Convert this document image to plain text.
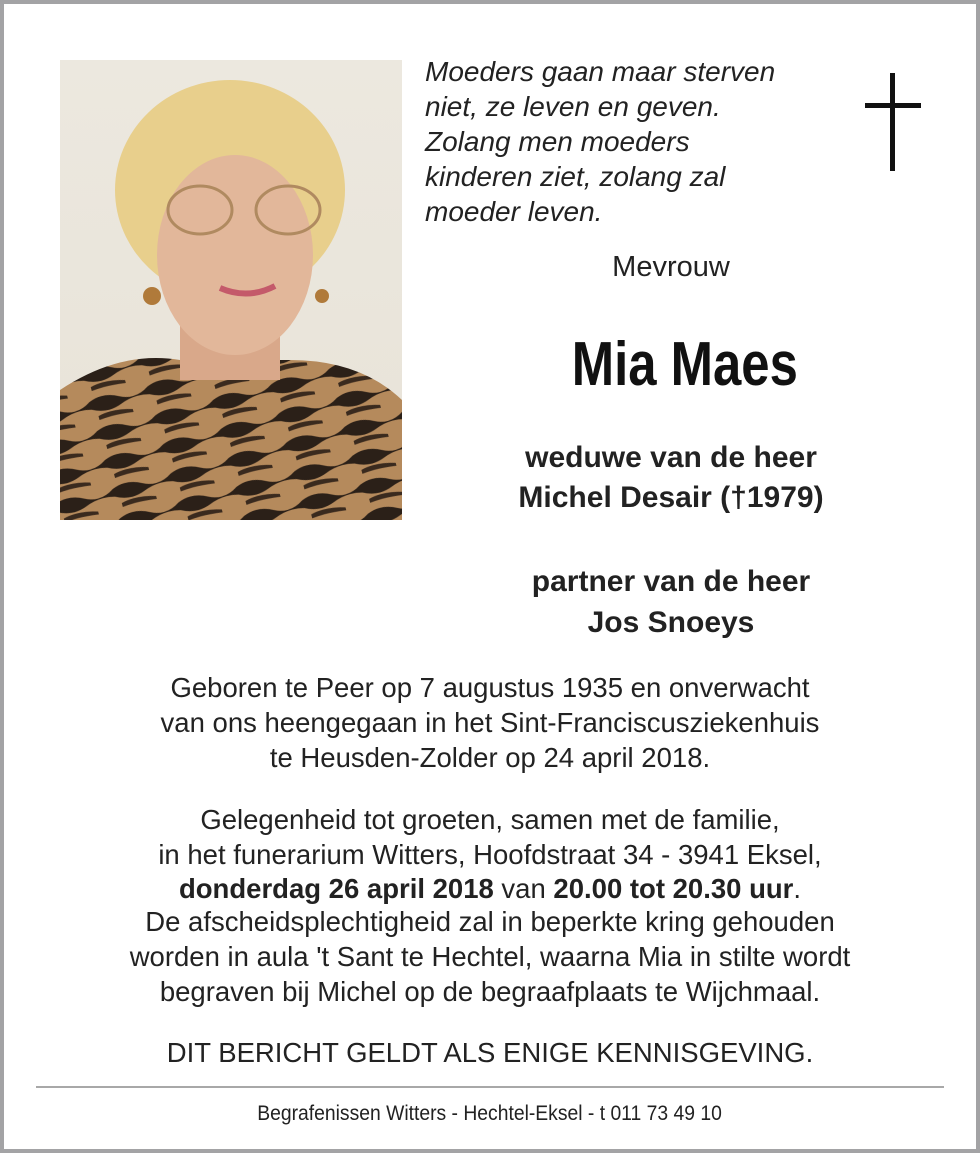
Moeders gaan maar sterven
niet, ze leven en geven.
Zolang men moeders
kinderen ziet, zolang zal
moeder leven.
Mevrouw
Mia Maes
weduwe van de heer
Michel Desair (†1979)
partner van de heer
Jos Snoeys
Geboren te Peer op 7 augustus 1935 en onverwacht
van ons heengegaan in het Sint-Franciscusziekenhuis
te Heusden-Zolder op 24 april 2018.
Gelegenheid tot groeten, samen met de familie,
in het funerarium Witters, Hoofdstraat 34 - 3941 Eksel,
donderdag 26 april 2018 van 20.00 tot 20.30 uur.
De afscheidsplechtigheid zal in beperkte kring gehouden
worden in aula 't Sant te Hechtel, waarna Mia in stilte wordt
begraven bij Michel op de begraafplaats te Wijchmaal.
DIT BERICHT GELDT ALS ENIGE KENNISGEVING.
Begrafenissen Witters - Hechtel-Eksel - t 011 73 49 10
